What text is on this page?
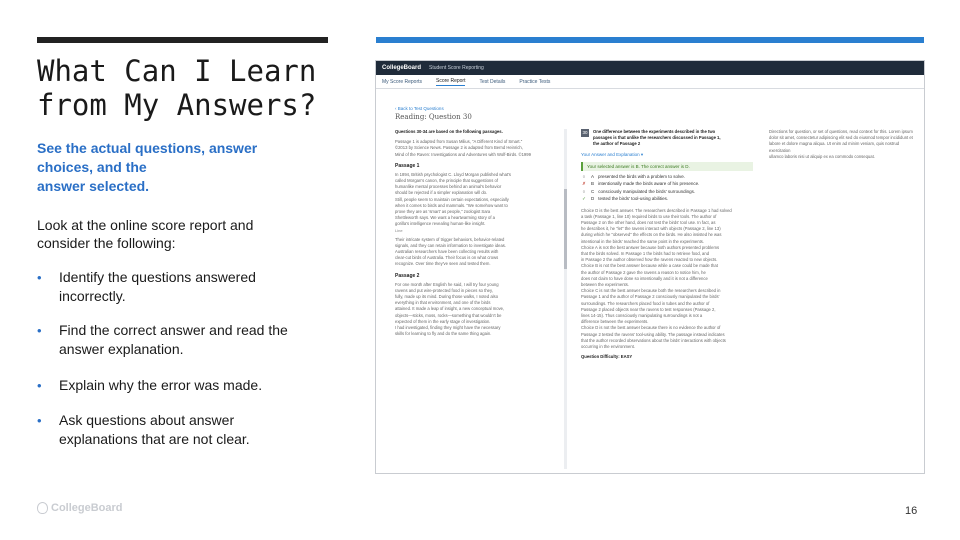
What Can I Learn
from My Answers?
See the actual questions, answer
choices, and the
answer selected.
Look at the online score report and
consider the following:
• Identify the questions answered
incorrectly.
• Find the correct answer and read the
answer explanation.
• Explain why the error was made.
• Ask questions about answer
explanations that are not clear.
CollegeBoard Student Score Reporting
My Score Reports	Score Report	Test Details	Practice Tests
‹ Back to Test Questions
Reading: Question 30
Questions 30-34 are based on the following passages.
Passage 1 is adapted from Susan Milius, "A Different Kind of Smart."
©2013 by Science News. Passage 2 is adapted from Bernd Heinrich,
Mind of the Raven: Investigations and Adventures with Wolf-Birds. ©1999
Passage 1
In 1894, British psychologist C. Lloyd Morgan published what's
called Morgan's canon, the principle that suggestions of
humanlike mental processes behind an animal's behavior
should be rejected if a simpler explanation will do.
Still, people seem to maintain certain expectations, especially
when it comes to birds and mammals. "We somehow want to
prove they are as 'smart' as people," zoologist Sara
Shettleworth says. We want a heartwarming story of a
gorilla's intelligence revealing human-like insight.
Line
Their intricate system of trigger behaviors, behavior-related
signals, and they can retain information to investigate ideas.
Australian researchers have been collecting results with
clear-cut birds of Australia. Their focus is on what crows
recognize. Over time they've seen and tested them.
Passage 2
For one month after English he said, I will try four young
ravens and put wire-protected food in pieces so they,
fully, made up its mind. During those walks, I noted also
everything in that environment, and one of the birds
attained. It made a leap of insight, a new conceptual move,
objects—sticks, moss, rocks—something that wouldn't be
expected of them in the early stage of investigation.
I had investigated, finding they might have the necessary
skills for learning to fly and do the same thing again.
30	One difference between the experiments described in the two
passages is that unlike the researchers discussed in Passage 1,
the author of Passage 2
Your Answer and Explanation ▾
Your selected answer is B. The correct answer is D.
○	A presented the birds with a problem to solve.
✗ B intentionally made the birds aware of his presence.
○	C consciously manipulated the birds' surroundings.
✓ D tested the birds' tool-using abilities.
Choice D is the best answer. The researchers described in Passage 1 had solved
a task (Passage 1, line 10) required birds to use their tools. The author of
Passage 2 on the other hand, does not test the birds' tool use. In fact, as
he describes it, he "let" the ravens interact with objects (Passage 2, line 13)
during which he "observed" the effects on the birds. He also insisted he was
intentional in the birds' reached the same point in the experiments.
Choice A is not the best answer because both authors presented problems
that the birds solved. In Passage 1 the birds had to retrieve food, and
in Passage 2 the author observed how the ravens reacted to new objects.
Choice B is not the best answer because while a case could be made that
the author of Passage 2 gave the ravens a reason to notice him, he
does not claim to have done so intentionally and it is not a difference
between the experiments.
Choice C is not the best answer because both the researchers described in
Passage 1 and the author of Passage 2 consciously manipulated the birds'
surroundings. The researchers placed food in tubes and the author of
Passage 2 placed objects near the ravens to test responses (Passage 2,
lines 14-15). Thus consciously manipulating surroundings is not a
difference between the experiments.
Choice D is not the best answer because there is no evidence the author of
Passage 2 tested the ravens' tool-using ability. The passage instead indicates
that the author recorded observations about the birds' interactions with objects
occurring in the environment.
Question Difficulty: EASY
Directions for question, or set of questions, read context for this. Lorem ipsum
dolor sit amet, consectetur adipiscing elit sed do eiusmod tempor incididunt et
labore et dolore magna aliqua. Ut enim ad minim veniam, quis nostrud exercitation
ullamco laboris nisi ut aliquip ex ea commodo consequat.
CollegeBoard	16
